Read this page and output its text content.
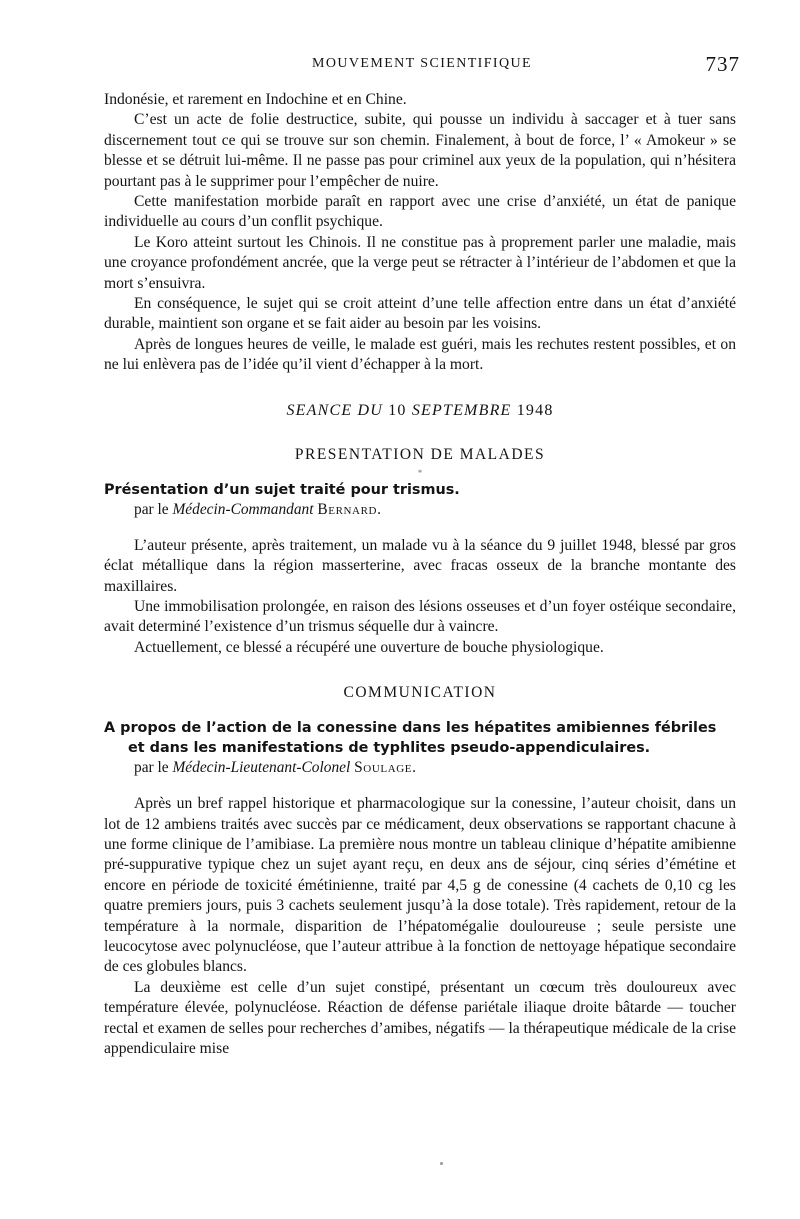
MOUVEMENT SCIENTIFIQUE	737

Indonésie, et rarement en Indochine et en Chine.

C’est un acte de folie destructice, subite, qui pousse un individu à saccager et à tuer sans discernement tout ce qui se trouve sur son chemin. Finalement, à bout de force, l’ « Amokeur » se blesse et se détruit lui-même. Il ne passe pas pour criminel aux yeux de la population, qui n’hésitera pourtant pas à le supprimer pour l’empêcher de nuire.

Cette manifestation morbide paraît en rapport avec une crise d’anxiété, un état de panique individuelle au cours d’un conflit psychique.

Le Koro atteint surtout les Chinois. Il ne constitue pas à proprement parler une maladie, mais une croyance profondément ancrée, que la verge peut se rétracter à l’intérieur de l’abdomen et que la mort s’ensuivra.

En conséquence, le sujet qui se croit atteint d’une telle affection entre dans un état d’anxiété durable, maintient son organe et se fait aider au besoin par les voisins.

Après de longues heures de veille, le malade est guéri, mais les rechutes restent possibles, et on ne lui enlèvera pas de l’idée qu’il vient d’échapper à la mort.

SEANCE DU 10 SEPTEMBRE 1948
PRESENTATION DE MALADES
*
Présentation d’un sujet traité pour trismus.
par le Médecin-Commandant Bernard.

L’auteur présente, après traitement, un malade vu à la séance du 9 juillet 1948, blessé par gros éclat métallique dans la région masserterine, avec fracas osseux de la branche montante des maxillaires.

Une immobilisation prolongée, en raison des lésions osseuses et d’un foyer ostéique secondaire, avait determiné l’existence d’un trismus séquelle dur à vaincre.

Actuellement, ce blessé a récupéré une ouverture de bouche physiologique.

COMMUNICATION
A propos de l’action de la conessine dans les hépatites amibiennes fébriles et dans les manifestations de typhlites pseudo-appendiculaires.
par le Médecin-Lieutenant-Colonel Soulage.

Après un bref rappel historique et pharmacologique sur la conessine, l’auteur choisit, dans un lot de 12 ambiens traités avec succès par ce médicament, deux observations se rapportant chacune à une forme clinique de l’amibiase. La première nous montre un tableau clinique d’hépatite amibienne pré-suppurative typique chez un sujet ayant reçu, en deux ans de séjour, cinq séries d’émétine et encore en période de toxicité émétinienne, traité par 4,5 g de conessine (4 cachets de 0,10 cg les quatre premiers jours, puis 3 cachets seulement jusqu’à la dose totale). Très rapidement, retour de la température à la normale, disparition de l’hépatomégalie douloureuse ; seule persiste une leucocytose avec polynucléose, que l’auteur attribue à la fonction de nettoyage hépatique secondaire de ces globules blancs.

La deuxième est celle d’un sujet constipé, présentant un cœcum très douloureux avec température élevée, polynucléose. Réaction de défense pariétale iliaque droite bâtarde — toucher rectal et examen de selles pour recherches d’amibes, négatifs — la thérapeutique médicale de la crise appendiculaire mise
